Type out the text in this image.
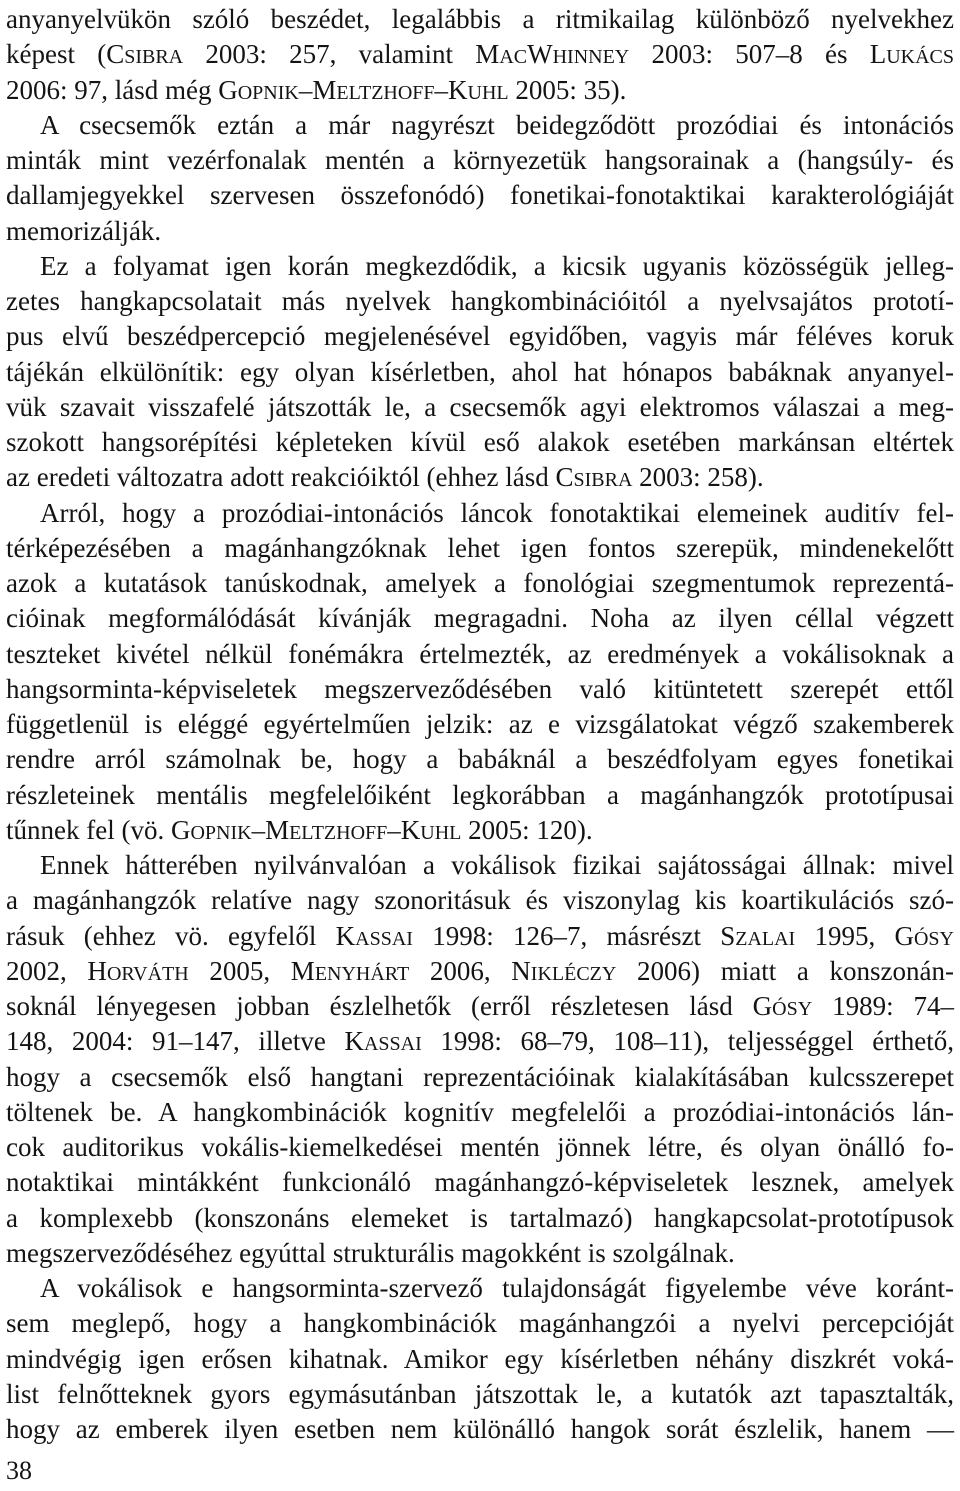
anyanyelvükön szóló beszédet, legalábbis a ritmikailag különböző nyelvekhez
képest (CSIBRA 2003: 257, valamint MACWHINNEY 2003: 507–8 és LUKÁCS
2006: 97, lásd még GOPNIK–MELTZHOFF–KUHL 2005: 35).
A csecsemők eztán a már nagyrészt beidegződött prozódiai és intonációs
minták mint vezérfonalak mentén a környezetük hangsorainak a (hangsúly- és
dallamjegyekkel szervesen összefonódó) fonetikai-fonotaktikai karakterológiáját
memorizálják.
Ez a folyamat igen korán megkezdődik, a kicsik ugyanis közösségük jelleg-
zetes hangkapcsolatait más nyelvek hangkombinációitól a nyelvsajátos prototí-
pus elvű beszédpercepció megjelenésével egyidőben, vagyis már féléves koruk
tájékán elkülönítik: egy olyan kísérletben, ahol hat hónapos babáknak anyanyel-
vük szavait visszafelé játszották le, a csecsemők agyi elektromos válaszai a meg-
szokott hangsorépítési képleteken kívül eső alakok esetében markánsan eltértek
az eredeti változatra adott reakcióiktól (ehhez lásd CSIBRA 2003: 258).
Arról, hogy a prozódiai-intonációs láncok fonotaktikai elemeinek auditív fel-
térképezésében a magánhangzóknak lehet igen fontos szerepük, mindenekelőtt
azok a kutatások tanúskodnak, amelyek a fonológiai szegmentumok reprezentá-
cióinak megformálódását kívánják megragadni. Noha az ilyen céllal végzett
teszteket kivétel nélkül fonémákra értelmezték, az eredmények a vokálisoknak a
hangsorminta-képviseletek megszerveződésében való kitüntetett szerepét ettől
függetlenül is eléggé egyértelműen jelzik: az e vizsgálatokat végző szakemberek
rendre arról számolnak be, hogy a babáknál a beszédfolyam egyes fonetikai
részleteinek mentális megfelelőiként legkorábban a magánhangzók prototípusai
tűnnek fel (vö. GOPNIK–MELTZHOFF–KUHL 2005: 120).
Ennek hátterében nyilvánvalóan a vokálisok fizikai sajátosságai állnak: mivel
a magánhangzók relatíve nagy szonoritásuk és viszonylag kis koartikulációs szó-
rásuk (ehhez vö. egyfelől KASSAI 1998: 126–7, másrészt SZALAI 1995, GÓSY
2002, HORVÁTH 2005, MENYHÁRT 2006, NIKLÉCZY 2006) miatt a konszonán-
soknál lényegesen jobban észlelhetők (erről részletesen lásd GÓSY 1989: 74–
148, 2004: 91–147, illetve KASSAI 1998: 68–79, 108–11), teljességgel érthető,
hogy a csecsemők első hangtani reprezentációinak kialakításában kulcsszerepet
töltenek be. A hangkombinációk kognitív megfelelői a prozódiai-intonációs lán-
cok auditorikus vokális-kiemelkedései mentén jönnek létre, és olyan önálló fo-
notaktikai mintákként funkcionáló magánhangzó-képviseletek lesznek, amelyek
a komplexebb (konszonáns elemeket is tartalmazó) hangkapcsolat-prototípusok
megszerveződéséhez egyúttal strukturális magokként is szolgálnak.
A vokálisok e hangsorminta-szervező tulajdonságát figyelembe véve koránt-
sem meglepő, hogy a hangkombinációk magánhangzói a nyelvi percepcióját
mindvégig igen erősen kihatnak. Amikor egy kísérletben néhány diszkrét voká-
list felnőtteknek gyors egymásutánban játszottak le, a kutatók azt tapasztalták,
hogy az emberek ilyen esetben nem különálló hangok sorát észlelik, hanem —
38
